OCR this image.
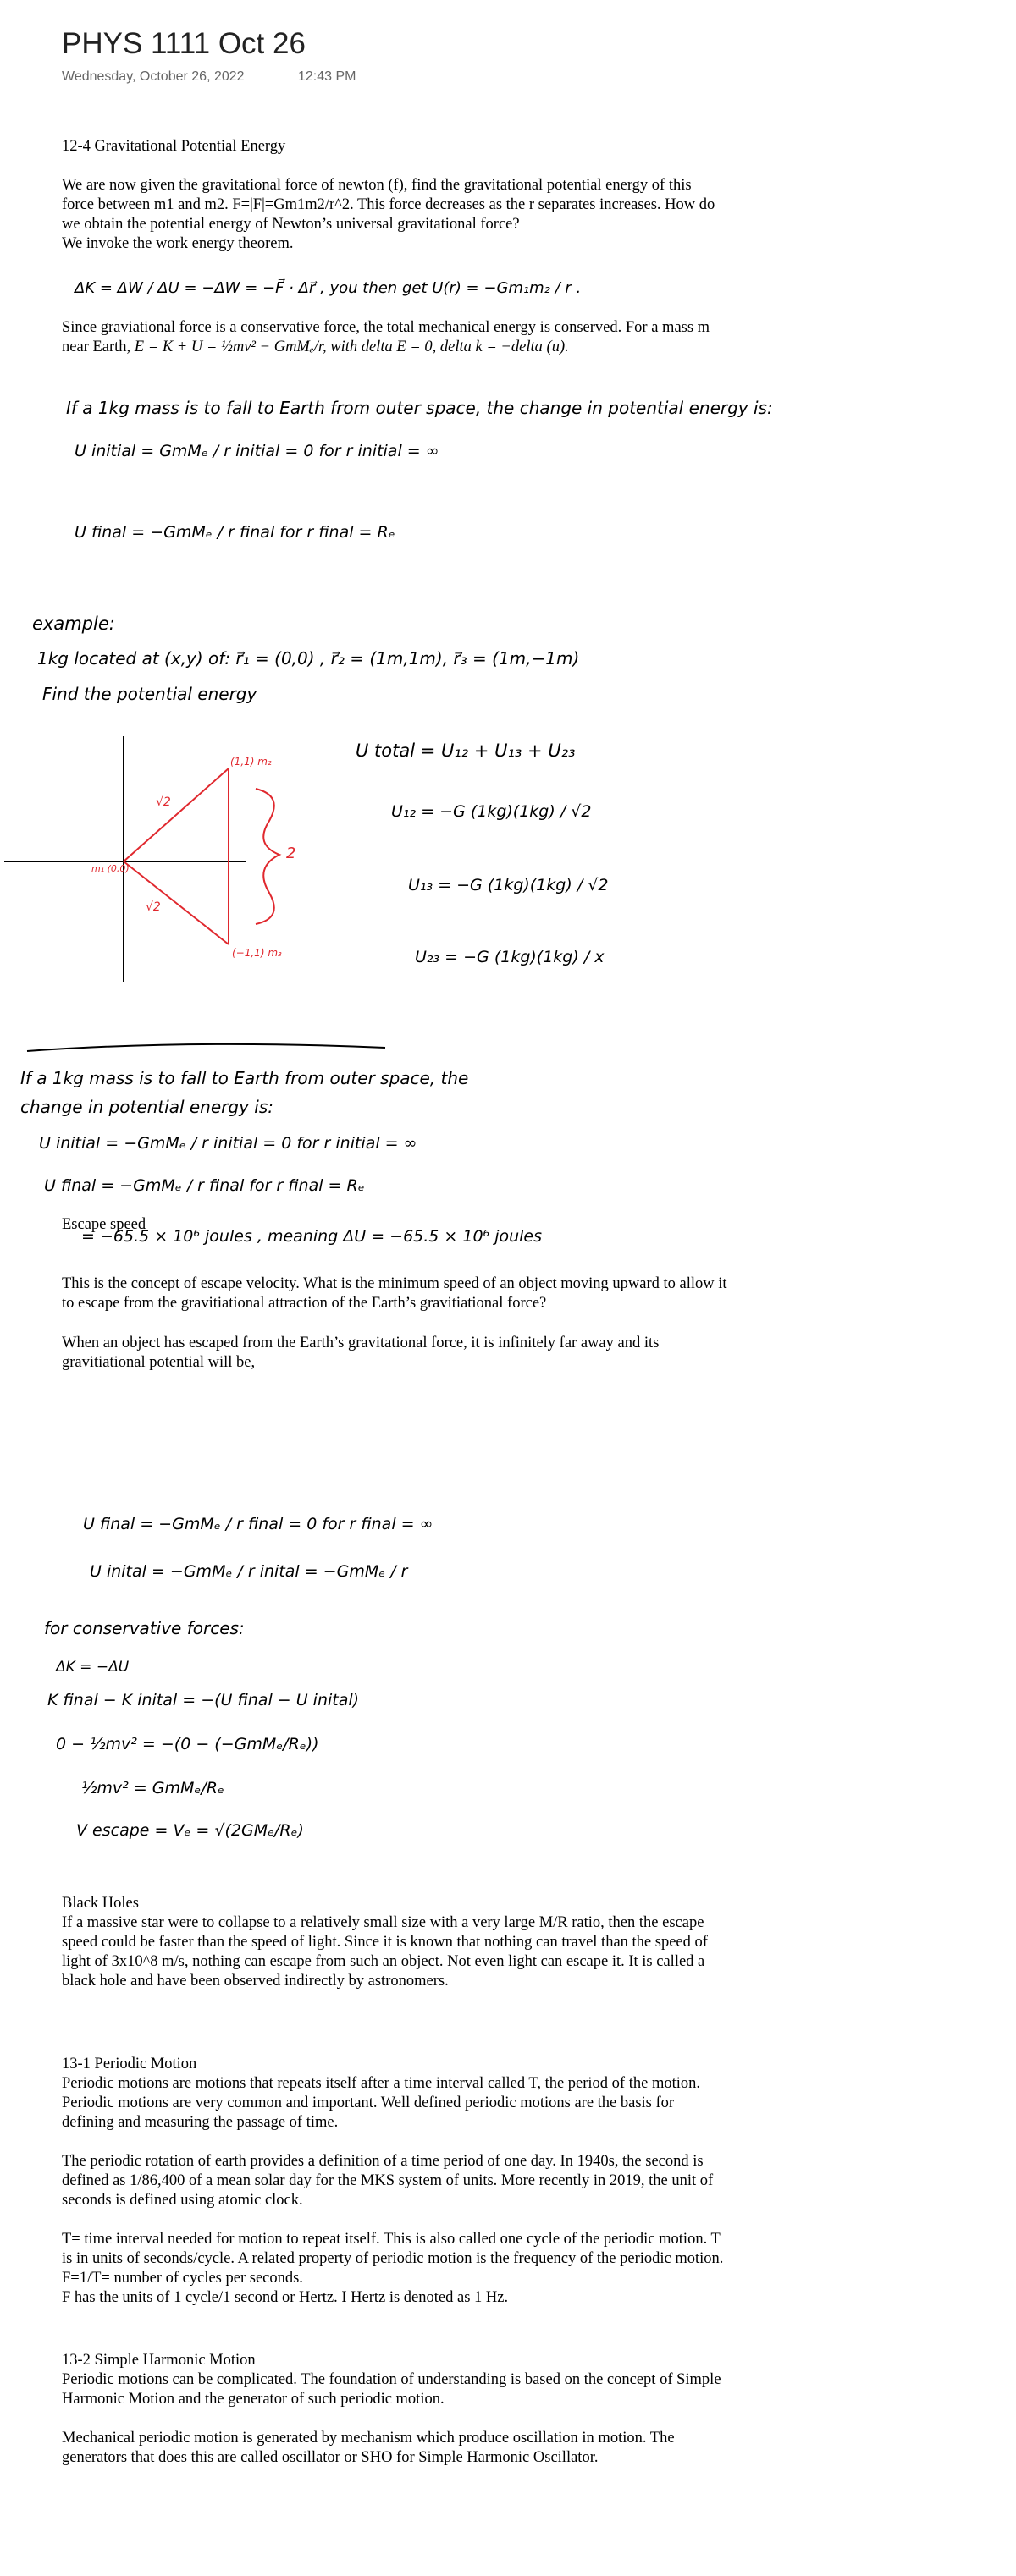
PHYS 1111 Oct 26
Wednesday, October 26, 2022	12:43 PM
12-4 Gravitational Potential Energy

We are now given the gravitational force of newton (f), find the gravitational potential energy of this

force between m1 and m2. F=|F|=Gm1m2/r^2. This force decreases as the r separates increases. How do

we obtain the potential energy of Newton’s universal gravitational force?

We invoke the work energy theorem.

ΔK = ΔW / ΔU = −ΔW = −F⃗ · Δr⃗ , you then get U(r) = −Gm₁m₂ / r .

Since graviational force is a conservative force, the total mechanical energy is conserved. For a mass m

near Earth, E = K + U = ½mv² − GmMₑ/r, with delta E = 0, delta k = −delta (u).

If a 1kg mass is to fall to Earth from outer space, the change in potential energy is:
U initial = GmMₑ / r initial = 0 for r initial = ∞
U final = −GmMₑ / r final for r final = Rₑ
example:
1kg located at (x,y) of: r⃗₁ = (0,0) , r⃗₂ = (1m,1m), r⃗₃ = (1m,−1m)
Find the potential energy
(1,1) m₂
m₁ (0,0)
(−1,1) m₃
√2
√2
2
U total = U₁₂ + U₁₃ + U₂₃
U₁₂ = −G (1kg)(1kg) / √2
U₁₃ = −G (1kg)(1kg) / √2
U₂₃ = −G (1kg)(1kg) / x
If a 1kg mass is to fall to Earth from outer space, the
change in potential energy is:
U initial = −GmMₑ / r initial = 0 for r initial = ∞
U final = −GmMₑ / r final for r final = Rₑ
Escape speed
= −65.5 × 10⁶ joules , meaning ΔU = −65.5 × 10⁶ joules

This is the concept of escape velocity. What is the minimum speed of an object moving upward to allow it

to escape from the gravitiational attraction of the Earth’s gravitiational force?

When an object has escaped from the Earth’s gravitational force, it is infinitely far away and its

gravitiational potential will be,

U final = −GmMₑ / r final = 0 for r final = ∞
U inital = −GmMₑ / r inital = −GmMₑ / r
for conservative forces:
ΔK = −ΔU
K final − K inital = −(U final − U inital)
0 − ½mv² = −(0 − (−GmMₑ/Rₑ))
½mv² = GmMₑ/Rₑ
V escape = Vₑ = √(2GMₑ/Rₑ)

Black Holes

If a massive star were to collapse to a relatively small size with a very large M/R ratio, then the escape

speed could be faster than the speed of light. Since it is known that nothing can travel than the speed of

light of 3x10^8 m/s, nothing can escape from such an object. Not even light can escape it. It is called a

black hole and have been observed indirectly by astronomers.

13-1 Periodic Motion

Periodic motions are motions that repeats itself after a time interval called T, the period of the motion.

Periodic motions are very common and important. Well defined periodic motions are the basis for

defining and measuring the passage of time.

The periodic rotation of earth provides a definition of a time period of one day. In 1940s, the second is

defined as 1/86,400 of a mean solar day for the MKS system of units. More recently in 2019, the unit of

seconds is defined using atomic clock.

T= time interval needed for motion to repeat itself. This is also called one cycle of the periodic motion. T

is in units of seconds/cycle. A related property of periodic motion is the frequency of the periodic motion.

F=1/T= number of cycles per seconds.

F has the units of 1 cycle/1 second or Hertz. I Hertz is denoted as 1 Hz.

13-2 Simple Harmonic Motion

Periodic motions can be complicated. The foundation of understanding is based on the concept of Simple

Harmonic Motion and the generator of such periodic motion.

Mechanical periodic motion is generated by mechanism which produce oscillation in motion. The

generators that does this are called oscillator or SHO for Simple Harmonic Oscillator.
